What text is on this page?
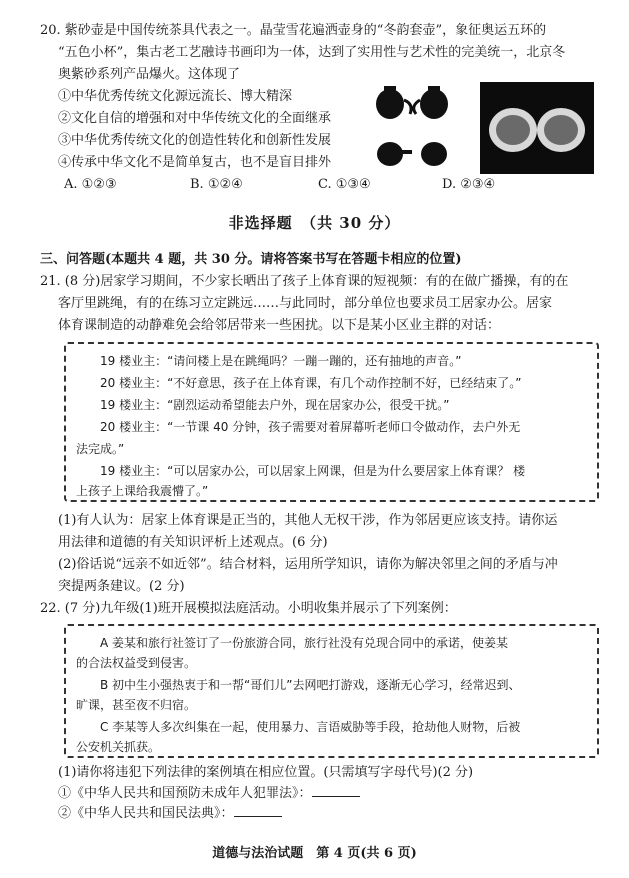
20. 紫砂壶是中国传统茶具代表之一。晶莹雪花遍洒壶身的“冬韵套壶”，象征奥运五环的
“五色小杯”，集古老工艺融诗书画印为一体，达到了实用性与艺术性的完美统一，北京冬
奥紫砂系列产品爆火。这体现了
①中华优秀传统文化源远流长、博大精深
②文化自信的增强和对中华传统文化的全面继承
③中华优秀传统文化的创造性转化和创新性发展
④传承中华文化不是简单复古，也不是盲目排外
A. ①②③	B. ①②④	C. ①③④	D. ②③④
非选择题　（共 30 分）
三、问答题(本题共 4 题，共 30 分。请将答案书写在答题卡相应的位置)
21. (8 分)居家学习期间，不少家长晒出了孩子上体育课的短视频：有的在做广播操，有的在
客厅里跳绳，有的在练习立定跳远……与此同时，部分单位也要求员工居家办公。居家
体育课制造的动静难免会给邻居带来一些困扰。以下是某小区业主群的对话：
19 楼业主：“请问楼上是在跳绳吗？一蹦一蹦的，还有抽地的声音。”
20 楼业主：“不好意思，孩子在上体育课，有几个动作控制不好，已经结束了。”
19 楼业主：“剧烈运动希望能去户外，现在居家办公，很受干扰。”
20 楼业主：“一节课 40 分钟，孩子需要对着屏幕听老师口令做动作，去户外无
法完成。”
19 楼业主：“可以居家办公，可以居家上网课，但是为什么要居家上体育课？ 楼
上孩子上课给我震懵了。”
(1)有人认为：居家上体育课是正当的，其他人无权干涉，作为邻居更应该支持。请你运
用法律和道德的有关知识评析上述观点。(6 分)
(2)俗话说“远亲不如近邻”。结合材料，运用所学知识，请你为解决邻里之间的矛盾与冲
突提两条建议。(2 分)
22. (7 分)九年级(1)班开展模拟法庭活动。小明收集并展示了下列案例：
A 姜某和旅行社签订了一份旅游合同，旅行社没有兑现合同中的承诺，使姜某
的合法权益受到侵害。
B 初中生小强热衷于和一帮“哥们儿”去网吧打游戏，逐渐无心学习，经常迟到、
旷课，甚至夜不归宿。
C 李某等人多次纠集在一起，使用暴力、言语威胁等手段，抢劫他人财物，后被
公安机关抓获。
(1)请你将违犯下列法律的案例填在相应位置。(只需填写字母代号)(2 分)
①《中华人民共和国预防未成年人犯罪法》：
②《中华人民共和国民法典》：
道德与法治试题　第 4 页(共 6 页)
